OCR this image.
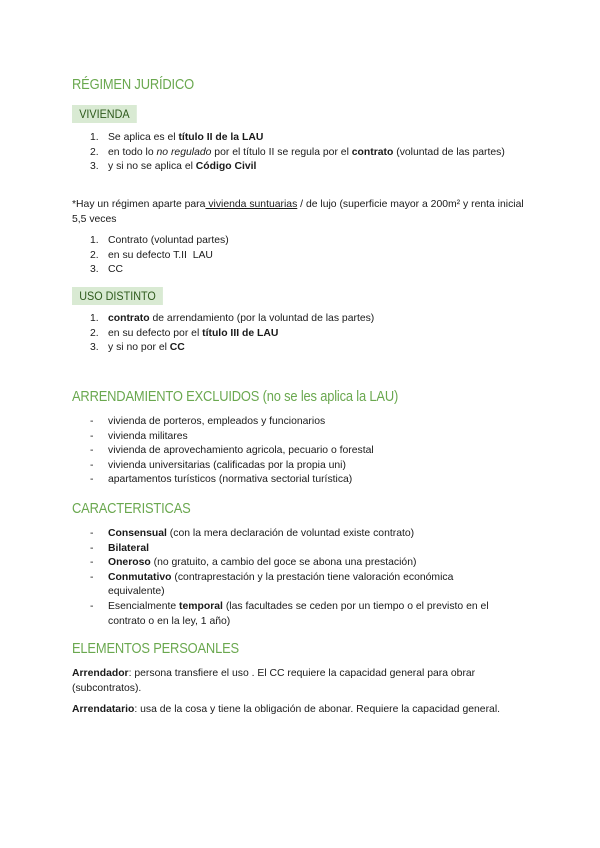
RÉGIMEN JURÍDICO
VIVIENDA
1. Se aplica es el título II de la LAU
2. en todo lo no regulado por el título II se regula por el contrato (voluntad de las partes)
3. y si no se aplica el Código Civil
*Hay un régimen aparte para vivienda suntuarias / de lujo (superficie mayor a 200m² y renta inicial 5,5 veces
1. Contrato (voluntad partes)
2. en su defecto T.II  LAU
3. CC
USO DISTINTO
1. contrato de arrendamiento (por la voluntad de las partes)
2. en su defecto por el título III de LAU
3. y si no por el CC
ARRENDAMIENTO EXCLUIDOS (no se les aplica la LAU)
- vivienda de porteros, empleados y funcionarios
- vivienda militares
- vivienda de aprovechamiento agricola, pecuario o forestal
- vivienda universitarias (calificadas por la propia uni)
- apartamentos turísticos (normativa sectorial turística)
CARACTERISTICAS
- Consensual (con la mera declaración de voluntad existe contrato)
- Bilateral
- Oneroso (no gratuito, a cambio del goce se abona una prestación)
- Conmutativo (contraprestación y la prestación tiene valoración económica equivalente)
- Esencialmente temporal (las facultades se ceden por un tiempo o el previsto en el contrato o en la ley, 1 año)
ELEMENTOS PERSOANLES
Arrendador: persona transfiere el uso . El CC requiere la capacidad general para obrar (subcontratos).
Arrendatario: usa de la cosa y tiene la obligación de abonar. Requiere la capacidad general.
